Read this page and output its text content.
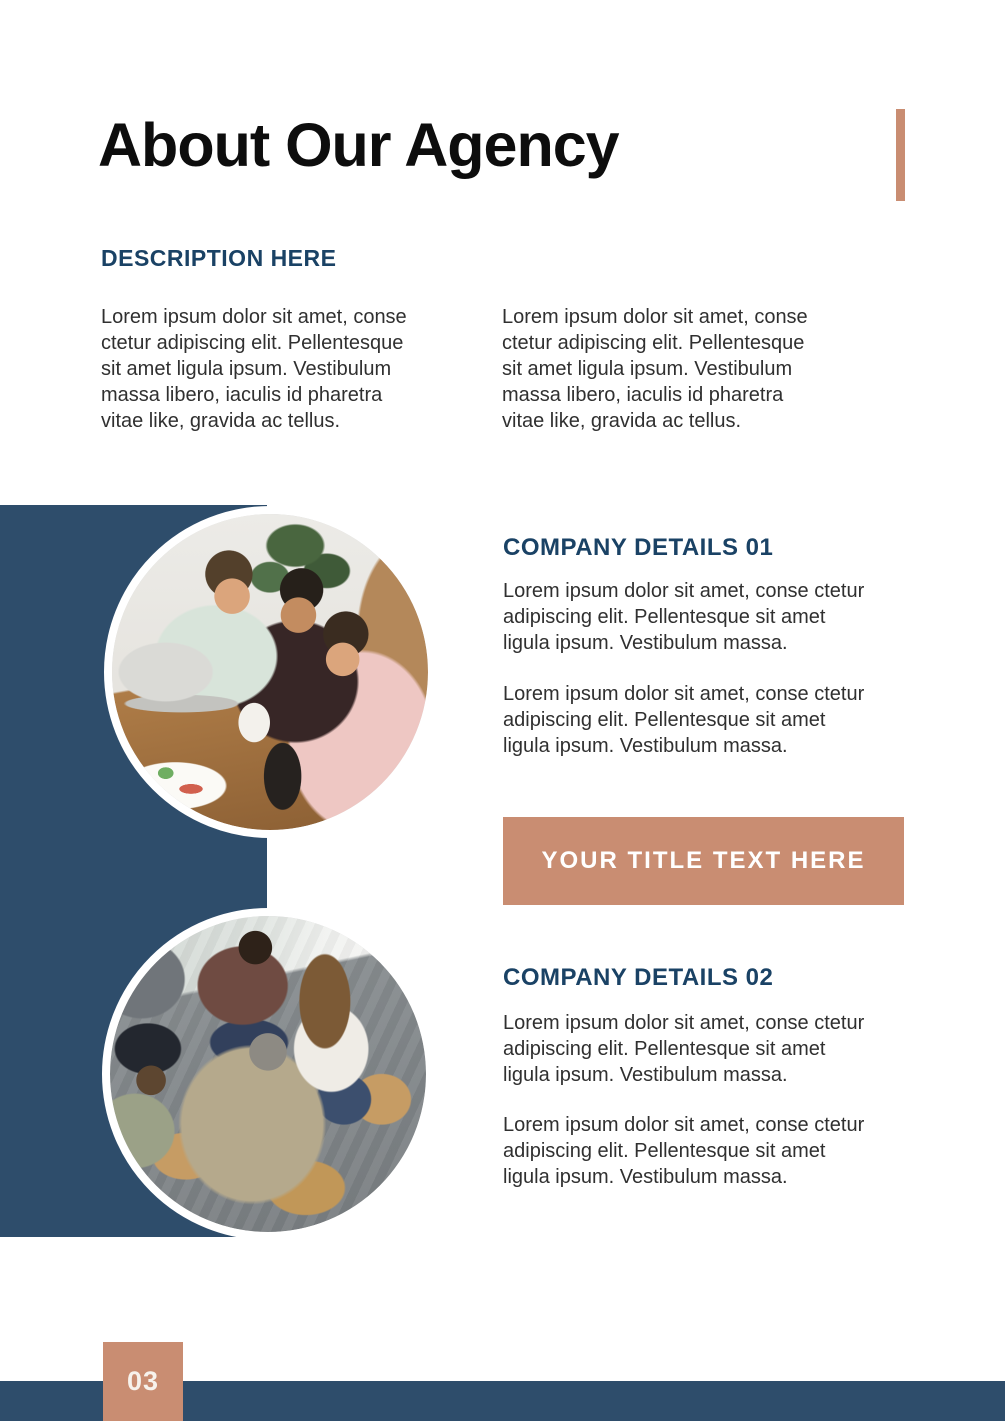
About Our Agency
DESCRIPTION HERE

Lorem ipsum dolor sit amet, conse ctetur adipiscing elit. Pellentesque sit amet ligula ipsum. Vestibulum massa libero, iaculis id pharetra vitae like, gravida ac tellus.

Lorem ipsum dolor sit amet, conse ctetur adipiscing elit. Pellentesque sit amet ligula ipsum. Vestibulum massa libero, iaculis id pharetra vitae like, gravida ac tellus.

COMPANY DETAILS 01

Lorem ipsum dolor sit amet, conse ctetur adipiscing elit. Pellentesque sit amet ligula ipsum. Vestibulum massa.

Lorem ipsum dolor sit amet, conse ctetur adipiscing elit. Pellentesque sit amet ligula ipsum. Vestibulum massa.

YOUR TITLE TEXT HERE
COMPANY DETAILS 02

Lorem ipsum dolor sit amet, conse ctetur adipiscing elit. Pellentesque sit amet ligula ipsum. Vestibulum massa.

Lorem ipsum dolor sit amet, conse ctetur adipiscing elit. Pellentesque sit amet ligula ipsum. Vestibulum massa.

03
